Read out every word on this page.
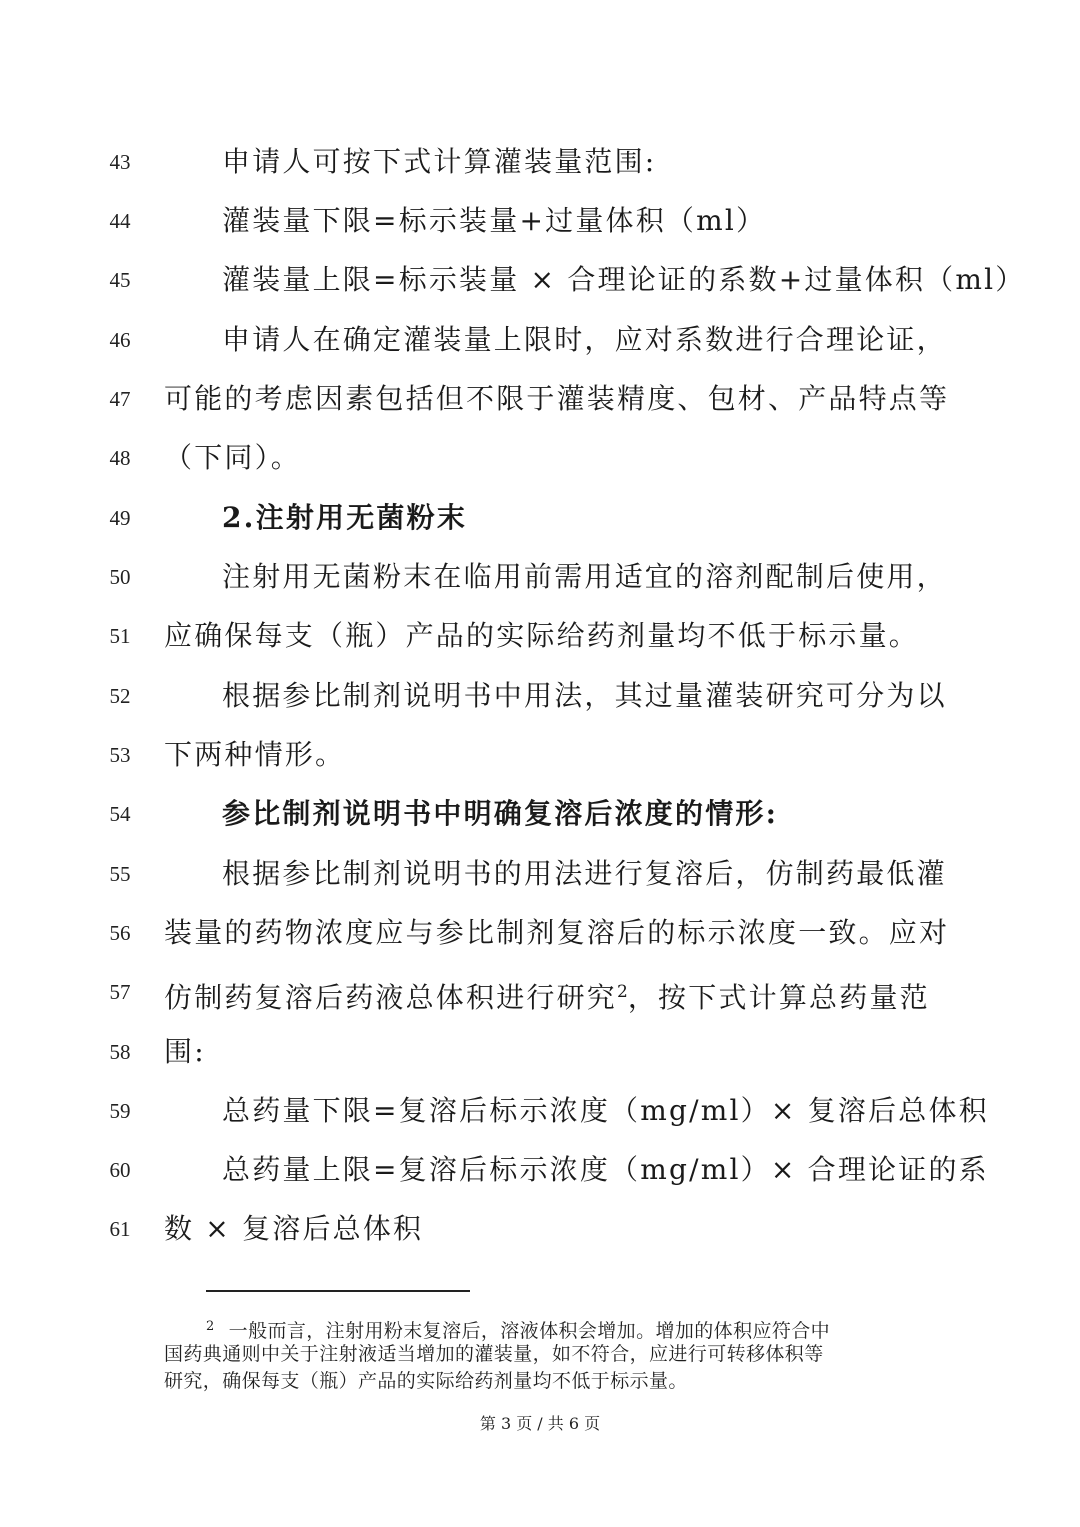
43	申请人可按下式计算灌装量范围:
44	灌装量下限=标示装量+过量体积（ml）
45	灌装量上限=标示装量 × 合理论证的系数+过量体积（ml）
46	申请人在确定灌装量上限时，应对系数进行合理论证，
47	可能的考虑因素包括但不限于灌装精度、包材、产品特点等
48	（下同）。
49	2.注射用无菌粉末
50	注射用无菌粉末在临用前需用适宜的溶剂配制后使用，
51	应确保每支（瓶）产品的实际给药剂量均不低于标示量。
52	根据参比制剂说明书中用法，其过量灌装研究可分为以
53	下两种情形。
54	参比制剂说明书中明确复溶后浓度的情形:
55	根据参比制剂说明书的用法进行复溶后，仿制药最低灌
56	装量的药物浓度应与参比制剂复溶后的标示浓度一致。应对
57	仿制药复溶后药液总体积进行研究$^2$，按下式计算总药量范
58	围:
59	总药量下限=复溶后标示浓度（mg/ml）× 复溶后总体积
60	总药量上限=复溶后标示浓度（mg/ml）× 合理论证的系
61	数 × 复溶后总体积
$^2$ 一般而言，注射用粉末复溶后，溶液体积会增加。增加的体积应符合中
国药典通则中关于注射液适当增加的灌装量，如不符合，应进行可转移体积等
研究，确保每支（瓶）产品的实际给药剂量均不低于标示量。
第 3 页 / 共 6 页
